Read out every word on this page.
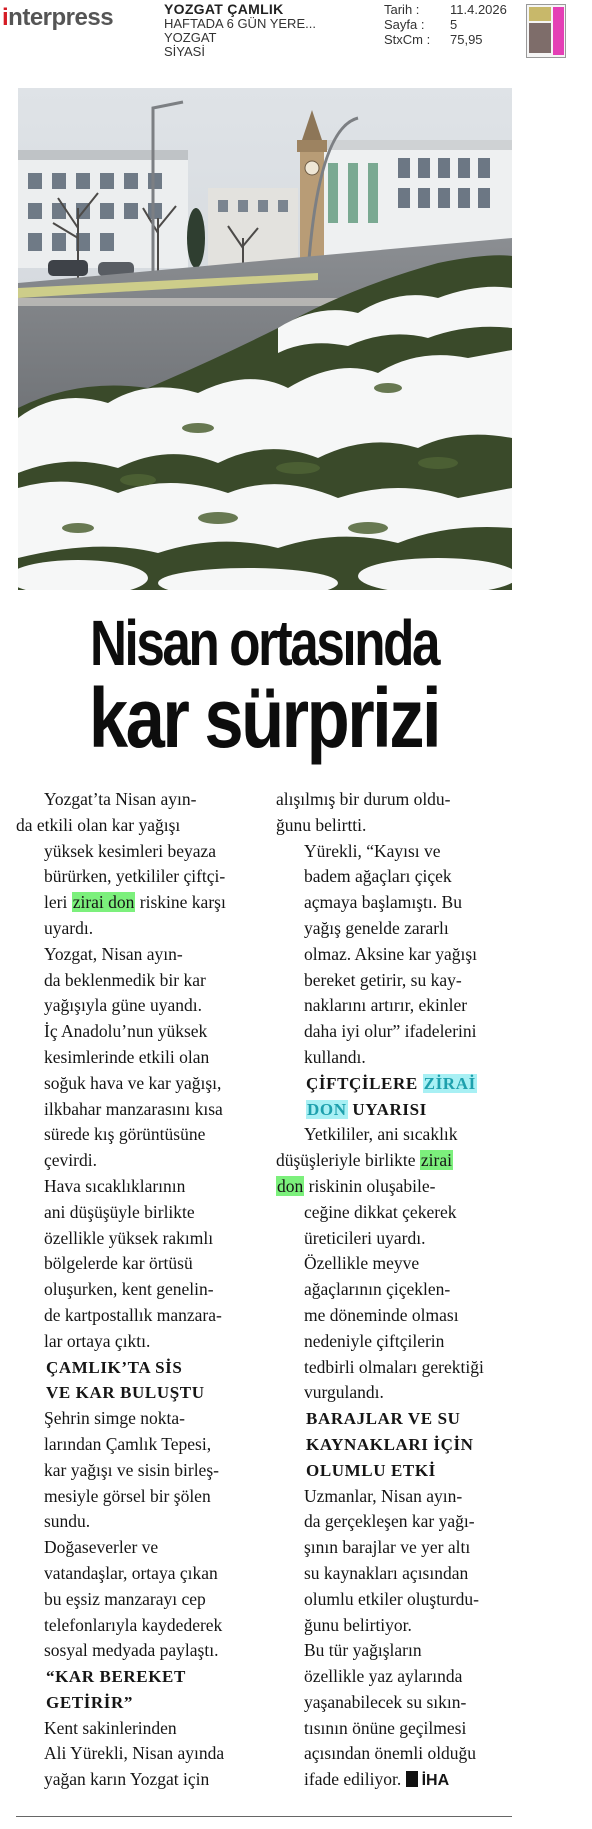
interpress	YOZGAT ÇAMLIK
HAFTADA 6 GÜN YERE...
YOZGAT
SİYASİ
Tarih :	11.4.2026
Sayfa :	5
StxCm :	75,95
Nisan ortasında
kar sürprizi

Yozgat’ta Nisan ayın-
da etkili olan kar yağışı
yüksek kesimleri beyaza
bürürken, yetkililer çiftçi-
leri zirai don riskine karşı
uyardı.

Yozgat, Nisan ayın-
da beklenmedik bir kar
yağışıyla güne uyandı.
İç Anadolu’nun yüksek
kesimlerinde etkili olan
soğuk hava ve kar yağışı,
ilkbahar manzarasını kısa
sürede kış görüntüsüne
çevirdi.

Hava sıcaklıklarının
ani düşüşüyle birlikte
özellikle yüksek rakımlı
bölgelerde kar örtüsü
oluşurken, kent genelin-
de kartpostallık manzara-
lar ortaya çıktı.

ÇAMLIK’TA SİS
VE KAR BULUŞTU

Şehrin simge nokta-
larından Çamlık Tepesi,
kar yağışı ve sisin birleş-
mesiyle görsel bir şölen
sundu.

Doğaseverler ve
vatandaşlar, ortaya çıkan
bu eşsiz manzarayı cep
telefonlarıyla kaydederek
sosyal medyada paylaştı.

“KAR BEREKET
GETİRİR”

Kent sakinlerinden
Ali Yürekli, Nisan ayında
yağan karın Yozgat için

alışılmış bir durum oldu-
ğunu belirtti.

Yürekli, “Kayısı ve
badem ağaçları çiçek
açmaya başlamıştı. Bu
yağış genelde zararlı
olmaz. Aksine kar yağışı
bereket getirir, su kay-
naklarını artırır, ekinler
daha iyi olur” ifadelerini
kullandı.

ÇİFTÇİLERE ZİRAİ
DON UYARISI

Yetkililer, ani sıcaklık
düşüşleriyle birlikte zirai
don riskinin oluşabile-
ceğine dikkat çekerek
üreticileri uyardı.

Özellikle meyve
ağaçlarının çiçeklen-
me döneminde olması
nedeniyle çiftçilerin
tedbirli olmaları gerektiği
vurgulandı.

BARAJLAR VE SU
KAYNAKLARI İÇİN
OLUMLU ETKİ

Uzmanlar, Nisan ayın-
da gerçekleşen kar yağı-
şının barajlar ve yer altı
su kaynakları açısından
olumlu etkiler oluşturdu-
ğunu belirtiyor.

Bu tür yağışların
özellikle yaz aylarında
yaşanabilecek su sıkın-
tısının önüne geçilmesi
açısından önemli olduğu
ifade ediliyor. İHA
